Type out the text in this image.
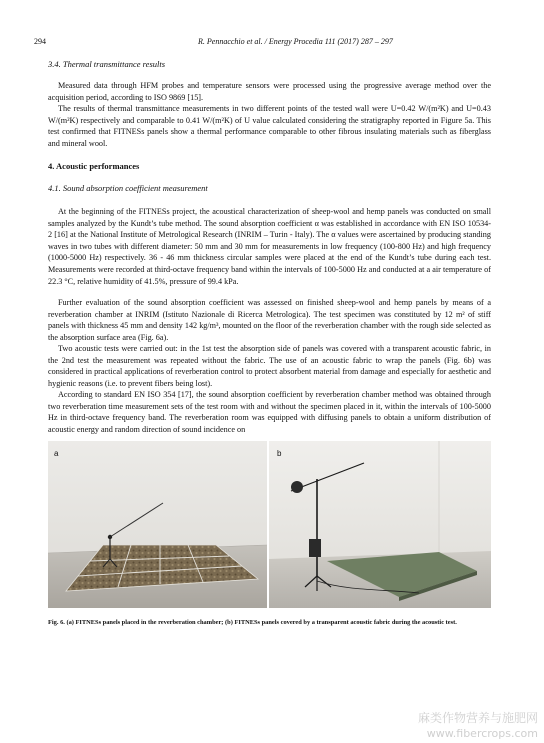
294	R. Pennacchio et al. / Energy Procedia 111 (2017) 287 – 297
3.4. Thermal transmittance results

Measured data through HFM probes and temperature sensors were processed using the progressive average method over the acquisition period, according to ISO 9869 [15].

The results of thermal transmittance measurements in two different points of the tested wall were U=0.42 W/(m²K) and U=0.43 W/(m²K) respectively and comparable to 0.41 W/(m²K) of U value calculated considering the stratigraphy reported in Figure 5a. This test confirmed that FITNESs panels show a thermal performance comparable to other fibrous insulating materials such as fiberglass and mineral wool.

4. Acoustic performances
4.1. Sound absorption coefficient measurement

At the beginning of the FITNESs project, the acoustical characterization of sheep-wool and hemp panels was conducted on small samples analyzed by the Kundt’s tube method. The sound absorption coefficient α was established in accordance with EN ISO 10534-2 [16] at the National Institute of Metrological Research (INRIM – Turin - Italy). The α values were ascertained by producing standing waves in two tubes with different diameter: 50 mm and 30 mm for measurements in low frequency (100-800 Hz) and high frequency (1000-5000 Hz) respectively. 36 - 46 mm thickness circular samples were placed at the end of the Kundt’s tube during each test. Measurements were recorded at third-octave frequency band within the intervals of 100-5000 Hz and conducted at a air temperature of 22.3 °C, relative humidity of 41.5%, pressure of 99.4 kPa.

Further evaluation of the sound absorption coefficient was assessed on finished sheep-wool and hemp panels by means of a reverberation chamber at INRIM (Istituto Nazionale di Ricerca Metrologica). The test specimen was constituted by 12 m² of stiff panels with thickness 45 mm and density 142 kg/m³, mounted on the floor of the reverberation chamber with the rough side selected as the absorption surface area (Fig. 6a).

Two acoustic tests were carried out: in the 1st test the absorption side of panels was covered with a transparent acoustic fabric, in the 2nd test the measurement was repeated without the fabric. The use of an acoustic fabric to wrap the panels (Fig. 6b) was considered in practical applications of reverberation control to protect absorbent material from damage and especially for aesthetic and hygienic reasons (i.e. to prevent fibers being lost).

According to standard EN ISO 354 [17], the sound absorption coefficient by reverberation chamber method was obtained through two reverberation time measurement sets of the test room with and without the specimen placed in it, within the intervals of 100-5000 Hz in third-octave frequency band. The reverberation room was equipped with diffusing panels to obtain a uniform distribution of acoustic energy and random direction of sound incidence on

a	b
Fig. 6. (a) FITNESs panels placed in the reverberation chamber; (b) FITNESs panels covered by a transparent acoustic fabric during the acoustic test.
麻类作物营养与施肥网
www.fibercrops.com
